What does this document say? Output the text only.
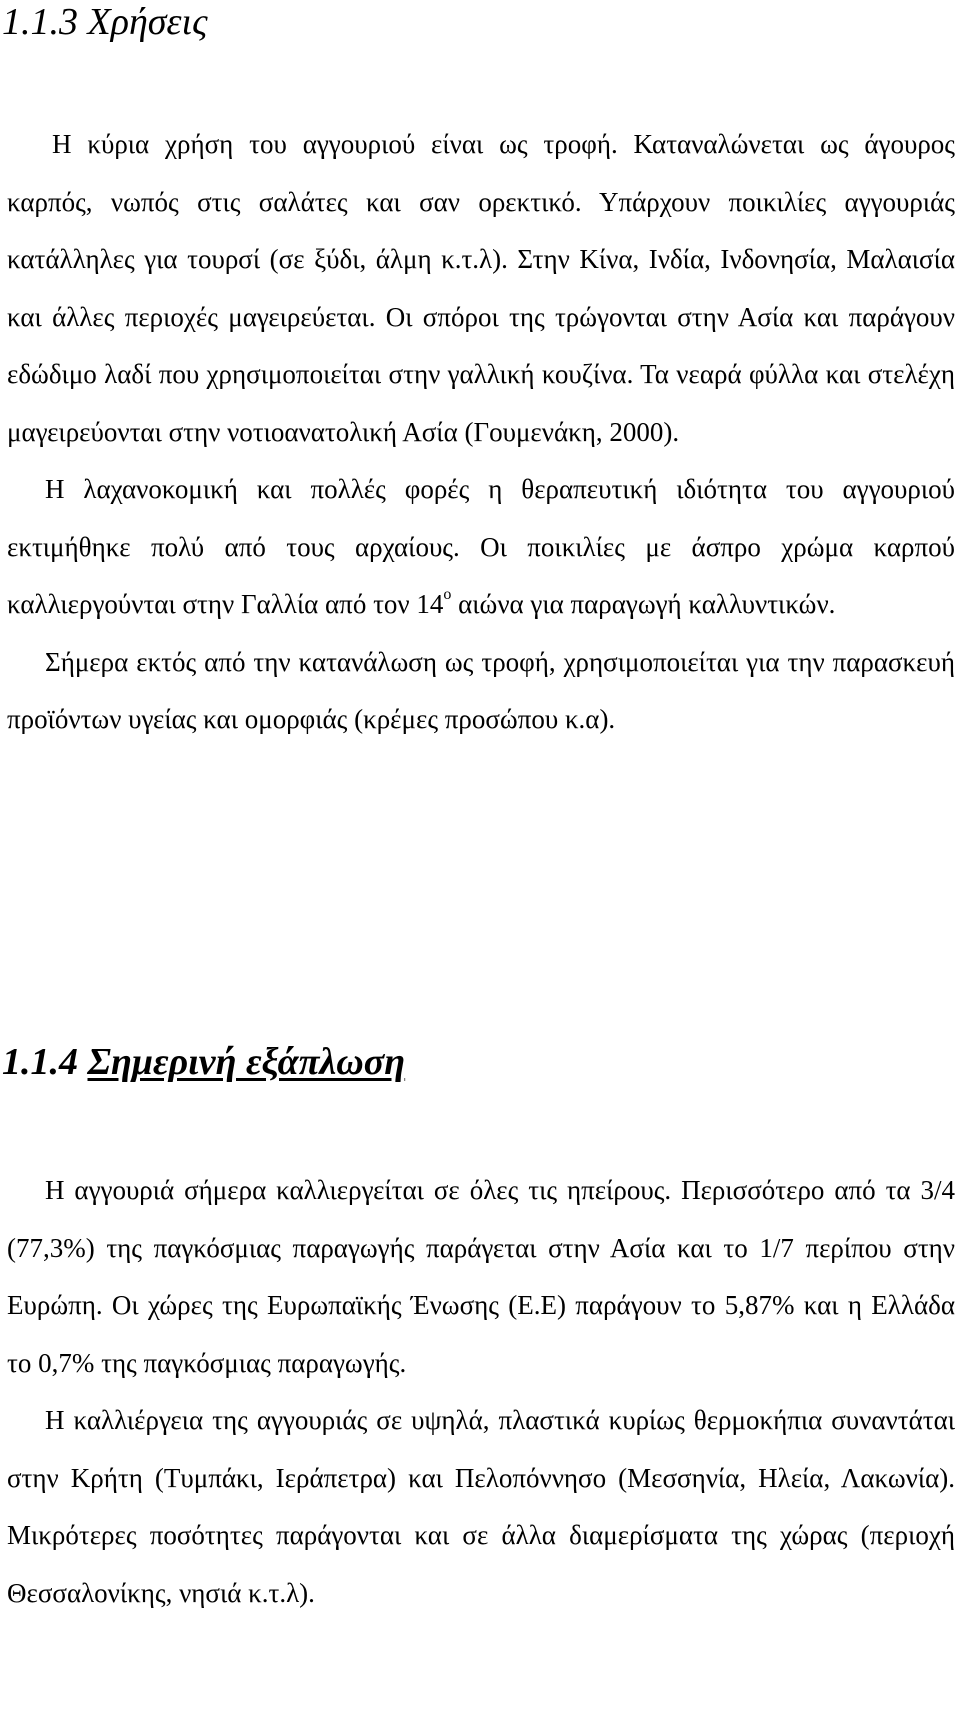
1.1.3 Χρήσεις

Η κύρια χρήση του αγγουριού είναι ως τροφή. Καταναλώνεται ως άγουρος καρπός, νωπός στις σαλάτες και σαν ορεκτικό. Υπάρχουν ποικιλίες αγγουριάς κατάλληλες για τουρσί (σε ξύδι, άλμη κ.τ.λ). Στην Κίνα, Ινδία, Ινδονησία, Μαλαισία και άλλες περιοχές μαγειρεύεται. Οι σπόροι της τρώγονται στην Ασία και παράγουν εδώδιμο λαδί που χρησιμοποιείται στην γαλλική κουζίνα. Τα νεαρά φύλλα και στελέχη μαγειρεύονται στην νοτιοανατολική Ασία (Γουμενάκη, 2000).

Η λαχανοκομική και πολλές φορές η θεραπευτική ιδιότητα του αγγουριού εκτιμήθηκε πολύ από τους αρχαίους. Οι ποικιλίες με άσπρο χρώμα καρπού καλλιεργούνται στην Γαλλία από τον $14^o$ αιώνα για παραγωγή καλλυντικών.

Σήμερα εκτός από την κατανάλωση ως τροφή, χρησιμοποιείται για την παρασκευή προϊόντων υγείας και ομορφιάς (κρέμες προσώπου κ.α).

1.1.4 Σημερινή εξάπλωση

Η αγγουριά σήμερα καλλιεργείται σε όλες τις ηπείρους. Περισσότερο από τα 3/4 (77,3%) της παγκόσμιας παραγωγής παράγεται στην Ασία και το 1/7 περίπου στην Ευρώπη. Οι χώρες της Ευρωπαϊκής Ένωσης (Ε.Ε) παράγουν το 5,87% και η Ελλάδα το 0,7% της παγκόσμιας παραγωγής.

Η καλλιέργεια της αγγουριάς σε υψηλά, πλαστικά κυρίως θερμοκήπια συναντάται στην Κρήτη (Τυμπάκι, Ιεράπετρα) και Πελοπόννησο (Μεσσηνία, Ηλεία, Λακωνία). Μικρότερες ποσότητες παράγονται και σε άλλα διαμερίσματα της χώρας (περιοχή Θεσσαλονίκης, νησιά κ.τ.λ).
